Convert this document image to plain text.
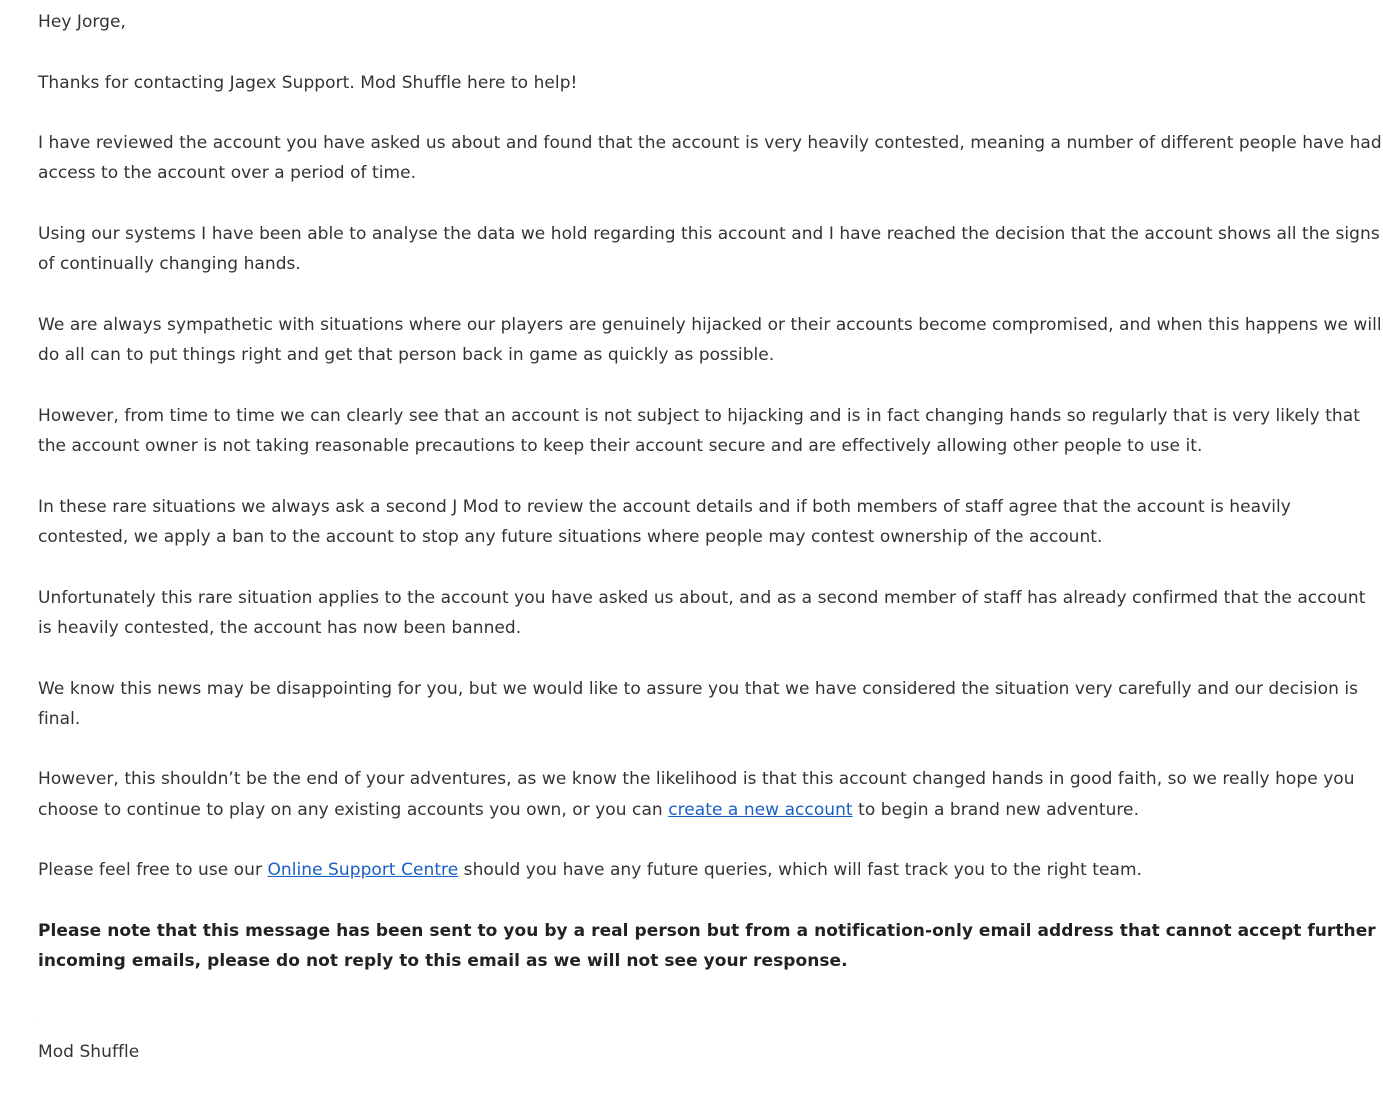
Hey Jorge,

Thanks for contacting Jagex Support. Mod Shuffle here to help!

I have reviewed the account you have asked us about and found that the account is very heavily contested, meaning a number of different people have had access to the account over a period of time.

Using our systems I have been able to analyse the data we hold regarding this account and I have reached the decision that the account shows all the signs of continually changing hands.

We are always sympathetic with situations where our players are genuinely hijacked or their accounts become compromised, and when this happens we will do all can to put things right and get that person back in game as quickly as possible.

However, from time to time we can clearly see that an account is not subject to hijacking and is in fact changing hands so regularly that is very likely that the account owner is not taking reasonable precautions to keep their account secure and are effectively allowing other people to use it.

In these rare situations we always ask a second J Mod to review the account details and if both members of staff agree that the account is heavily contested, we apply a ban to the account to stop any future situations where people may contest ownership of the account.

Unfortunately this rare situation applies to the account you have asked us about, and as a second member of staff has already confirmed that the account is heavily contested, the account has now been banned.

We know this news may be disappointing for you, but we would like to assure you that we have considered the situation very carefully and our decision is final.

However, this shouldn’t be the end of your adventures, as we know the likelihood is that this account changed hands in good faith, so we really hope you choose to continue to play on any existing accounts you own, or you can create a new account to begin a brand new adventure.

Please feel free to use our Online Support Centre should you have any future queries, which will fast track you to the right team.

Please note that this message has been sent to you by a real person but from a notification-only email address that cannot accept further incoming emails, please do not reply to this email as we will not see your response.

Mod Shuffle
